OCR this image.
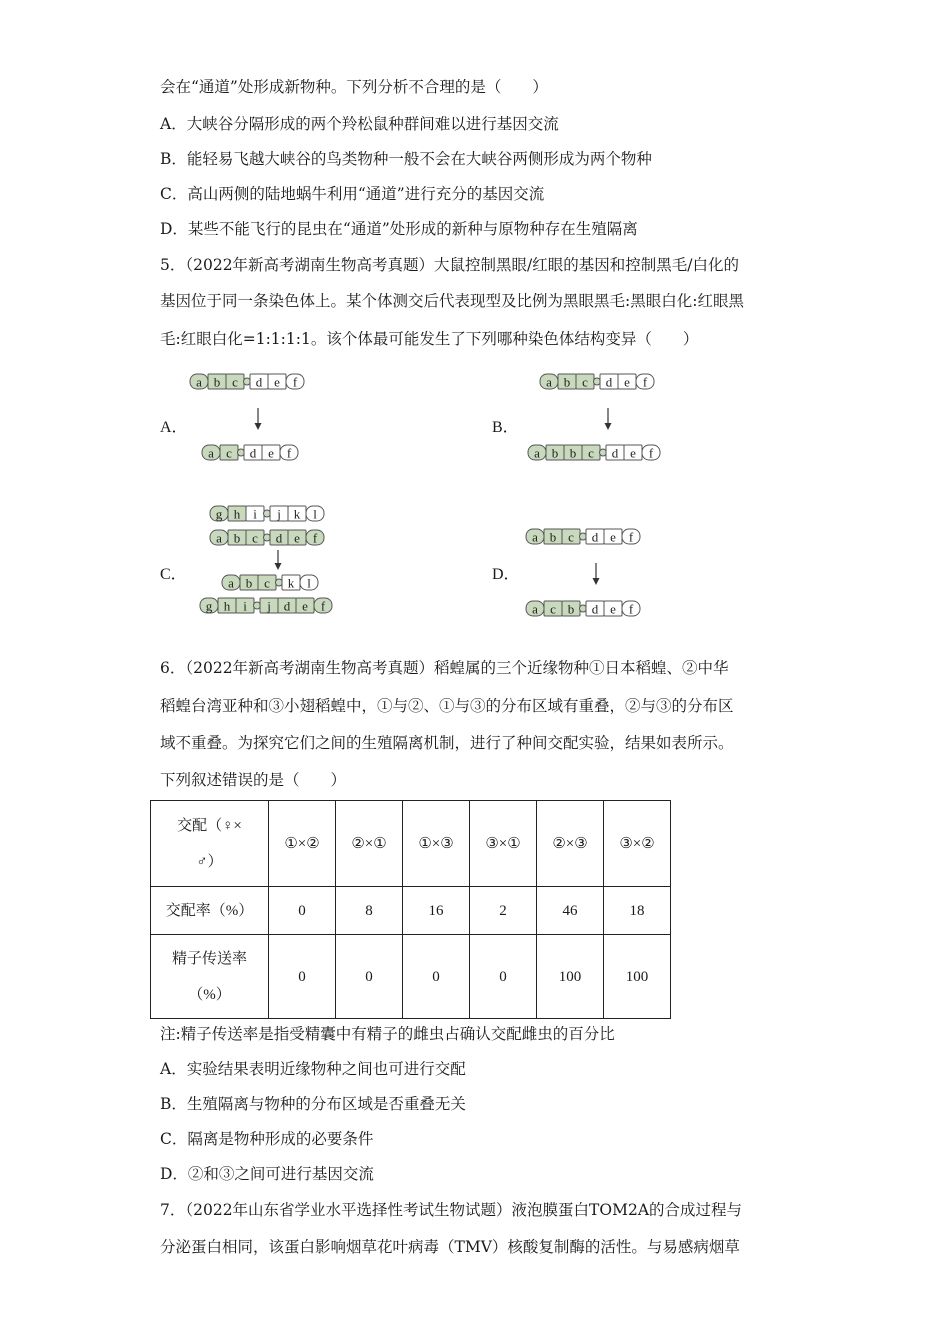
会在“通道”处形成新物种。下列分析不合理的是（　　）
A．大峡谷分隔形成的两个羚松鼠种群间难以进行基因交流
B．能轻易飞越大峡谷的鸟类物种一般不会在大峡谷两侧形成为两个物种
C．高山两侧的陆地蜗牛利用“通道”进行充分的基因交流
D．某些不能飞行的昆虫在“通道”处形成的新种与原物种存在生殖隔离
5．（2022年新高考湖南生物高考真题）大鼠控制黑眼/红眼的基因和控制黑毛/白化的
基因位于同一条染色体上。某个体测交后代表现型及比例为黑眼黑毛:黑眼白化:红眼黑
毛:红眼白化=1:1:1:1。该个体最可能发生了下列哪种染色体结构变异（　　）
A．	B．
C．	D．
a b c d e f
a c d e f
a b c d e f
a b b c d e f
g h i j k l
a b c d e f
a b c k l
g h i j d e f
a b c d e f
a c b d e f
6．（2022年新高考湖南生物高考真题）稻蝗属的三个近缘物种①日本稻蝗、②中华
稻蝗台湾亚种和③小翅稻蝗中，①与②、①与③的分布区域有重叠，②与③的分布区
域不重叠。为探究它们之间的生殖隔离机制，进行了种间交配实验，结果如表所示。
下列叙述错误的是（　　）
交配（♀×
♂）	①×②	②×①	①×③	③×①	②×③	③×②
交配率（%）	0	8	16	2	46	18

精子传送率
（%）	0	0	0	0	100	100
注:精子传送率是指受精囊中有精子的雌虫占确认交配雌虫的百分比
A．实验结果表明近缘物种之间也可进行交配
B．生殖隔离与物种的分布区域是否重叠无关
C．隔离是物种形成的必要条件
D．②和③之间可进行基因交流
7．（2022年山东省学业水平选择性考试生物试题）液泡膜蛋白TOM2A的合成过程与
分泌蛋白相同，该蛋白影响烟草花叶病毒（TMV）核酸复制酶的活性。与易感病烟草
